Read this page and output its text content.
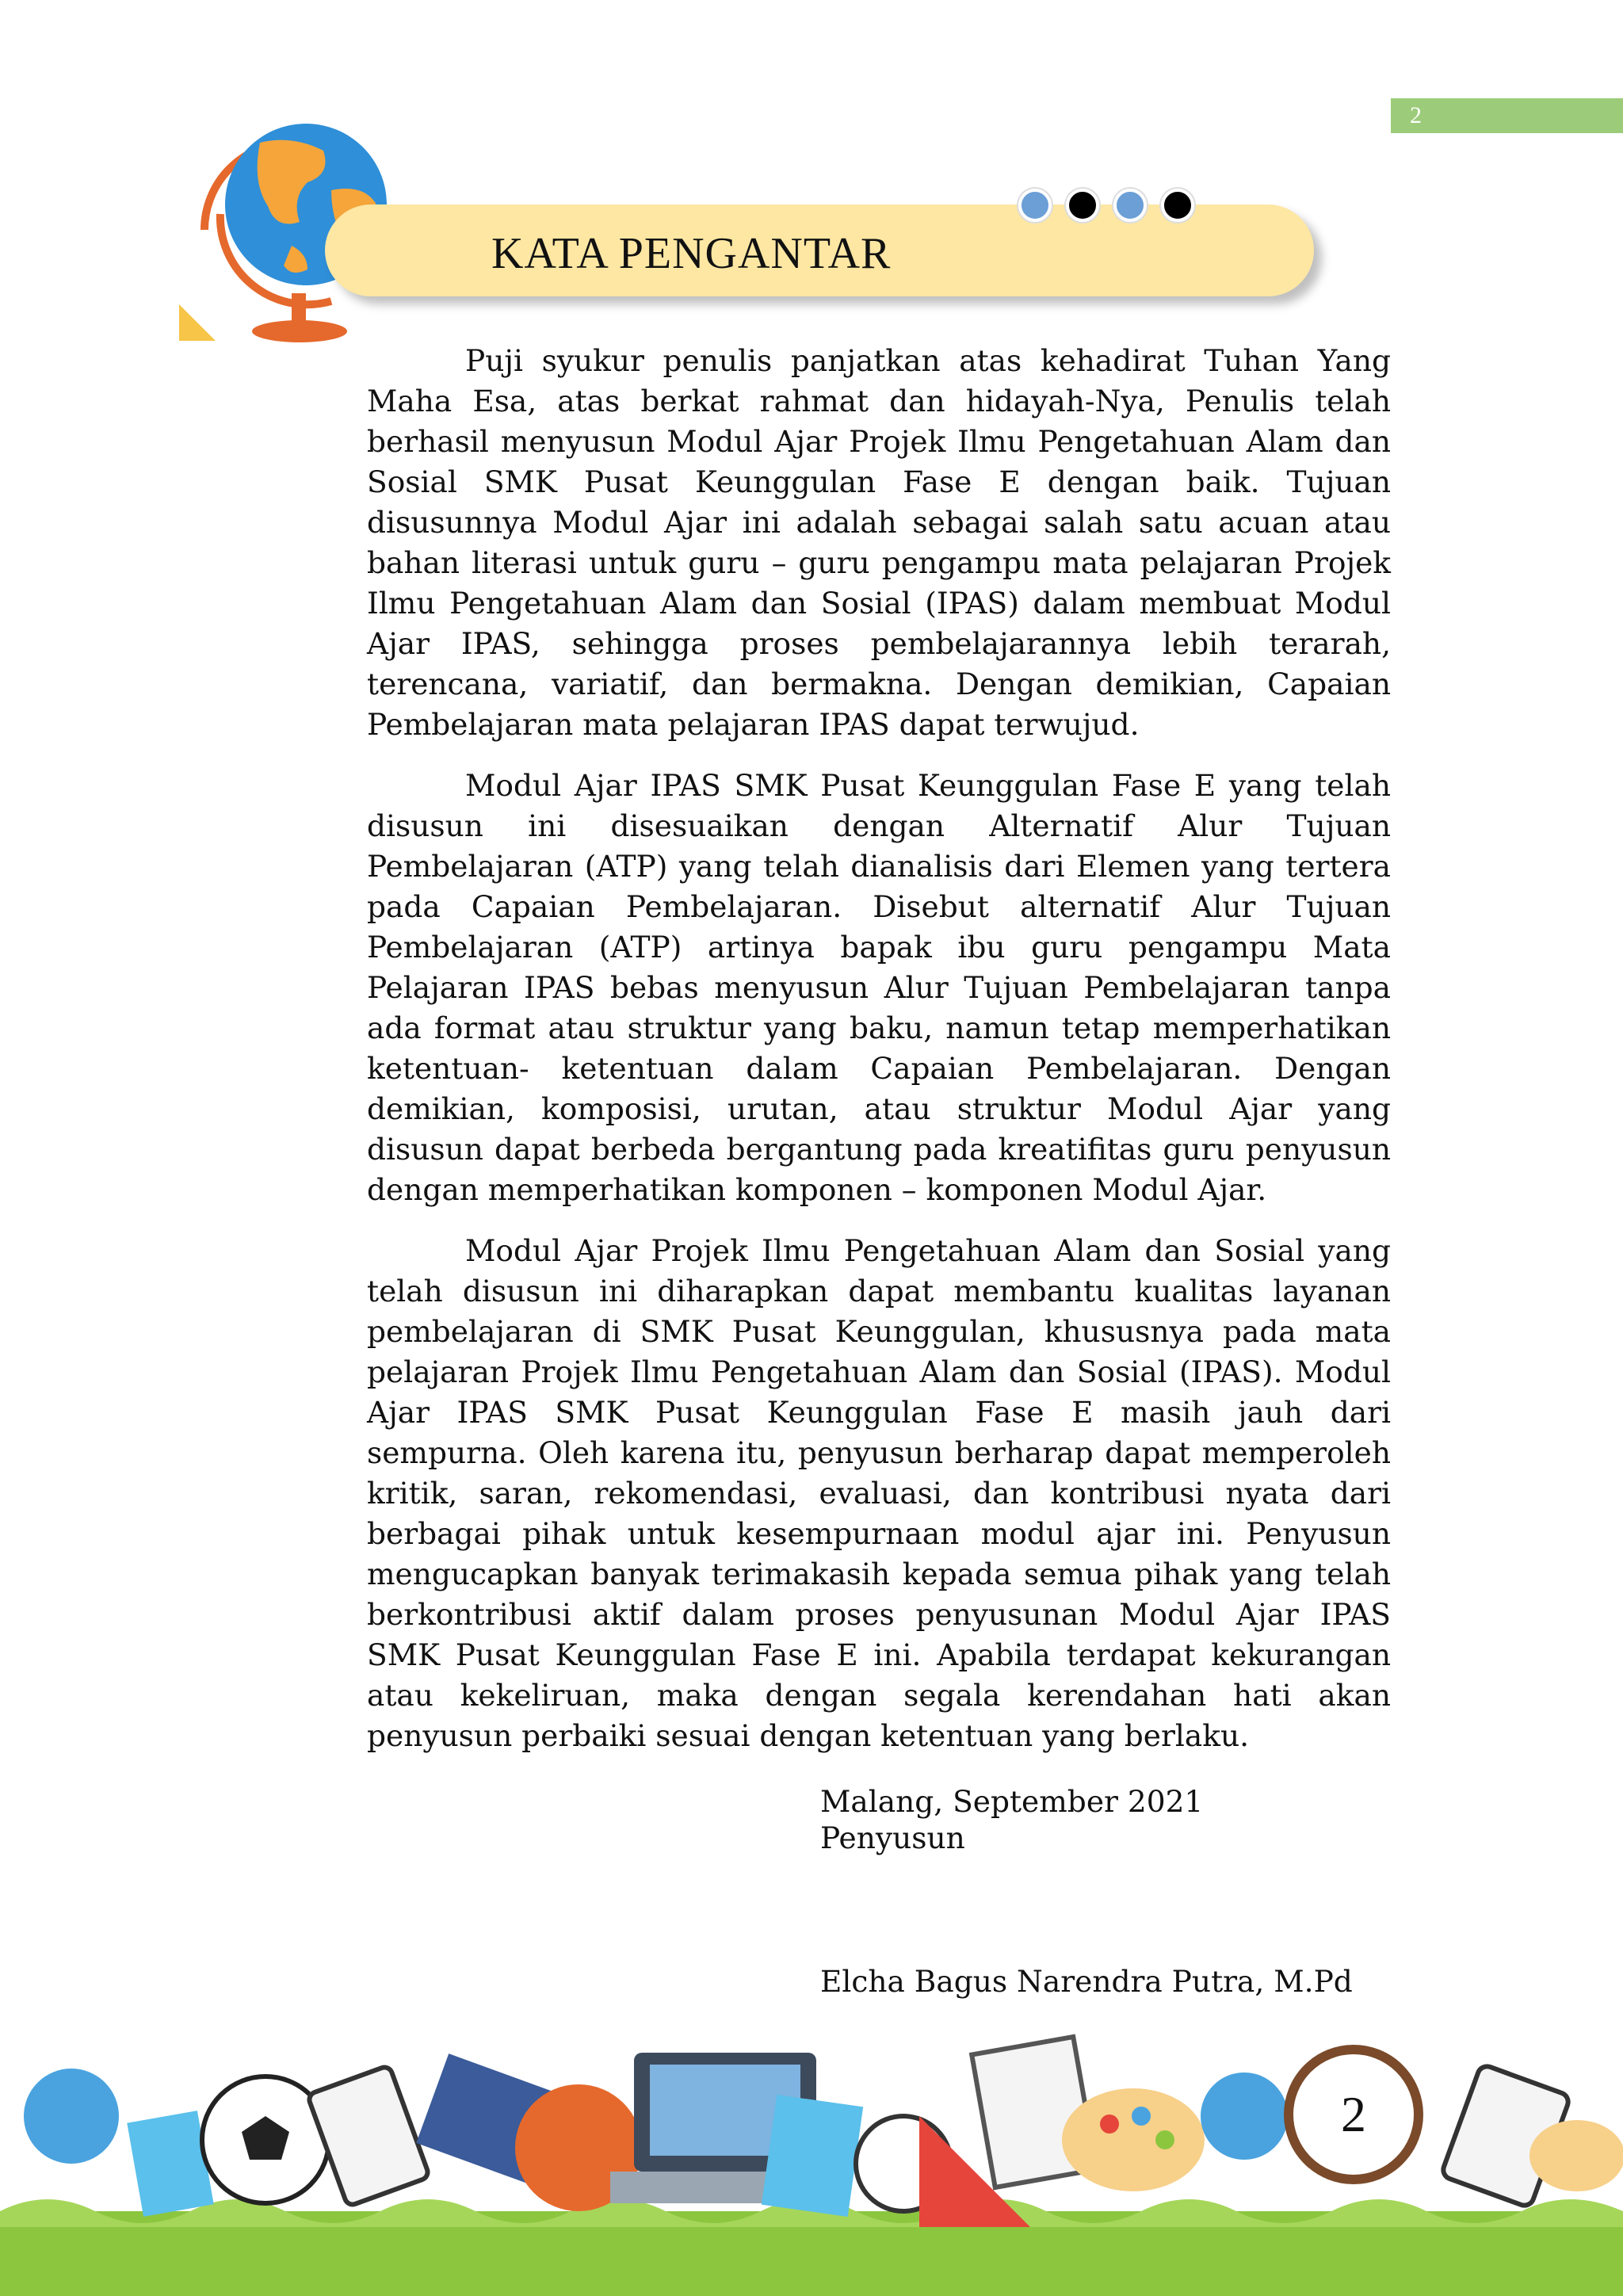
2
KATA PENGANTAR

Puji syukur penulis panjatkan atas kehadirat Tuhan Yang Maha Esa, atas berkat rahmat dan hidayah-Nya, Penulis telah berhasil menyusun Modul Ajar Projek Ilmu Pengetahuan Alam dan Sosial SMK Pusat Keunggulan Fase E dengan baik. Tujuan disusunnya Modul Ajar ini adalah sebagai salah satu acuan atau bahan literasi untuk guru – guru pengampu mata pelajaran Projek Ilmu Pengetahuan Alam dan Sosial (IPAS) dalam membuat Modul Ajar IPAS, sehingga proses pembelajarannya lebih terarah, terencana, variatif, dan bermakna. Dengan demikian, Capaian Pembelajaran mata pelajaran IPAS dapat terwujud.

Modul Ajar IPAS SMK Pusat Keunggulan Fase E yang telah disusun ini disesuaikan dengan Alternatif Alur Tujuan Pembelajaran (ATP) yang telah dianalisis dari Elemen yang tertera pada Capaian Pembelajaran. Disebut alternatif Alur Tujuan Pembelajaran (ATP) artinya bapak ibu guru pengampu Mata Pelajaran IPAS bebas menyusun Alur Tujuan Pembelajaran tanpa ada format atau struktur yang baku, namun tetap memperhatikan ketentuan- ketentuan dalam Capaian Pembelajaran. Dengan demikian, komposisi, urutan, atau struktur Modul Ajar yang disusun dapat berbeda bergantung pada kreatifitas guru penyusun dengan memperhatikan komponen – komponen Modul Ajar.

Modul Ajar Projek Ilmu Pengetahuan Alam dan Sosial yang telah disusun ini diharapkan dapat membantu kualitas layanan pembelajaran di SMK Pusat Keunggulan, khususnya pada mata pelajaran Projek Ilmu Pengetahuan Alam dan Sosial (IPAS). Modul Ajar IPAS SMK Pusat Keunggulan Fase E masih jauh dari sempurna. Oleh karena itu, penyusun berharap dapat memperoleh kritik, saran, rekomendasi, evaluasi, dan kontribusi nyata dari berbagai pihak untuk kesempurnaan modul ajar ini. Penyusun mengucapkan banyak terimakasih kepada semua pihak yang telah berkontribusi aktif dalam proses penyusunan Modul Ajar IPAS SMK Pusat Keunggulan Fase E ini. Apabila terdapat kekurangan atau kekeliruan, maka dengan segala kerendahan hati akan penyusun perbaiki sesuai dengan ketentuan yang berlaku.

Malang, September 2021
Penyusun
Elcha Bagus Narendra Putra, M.Pd
2
